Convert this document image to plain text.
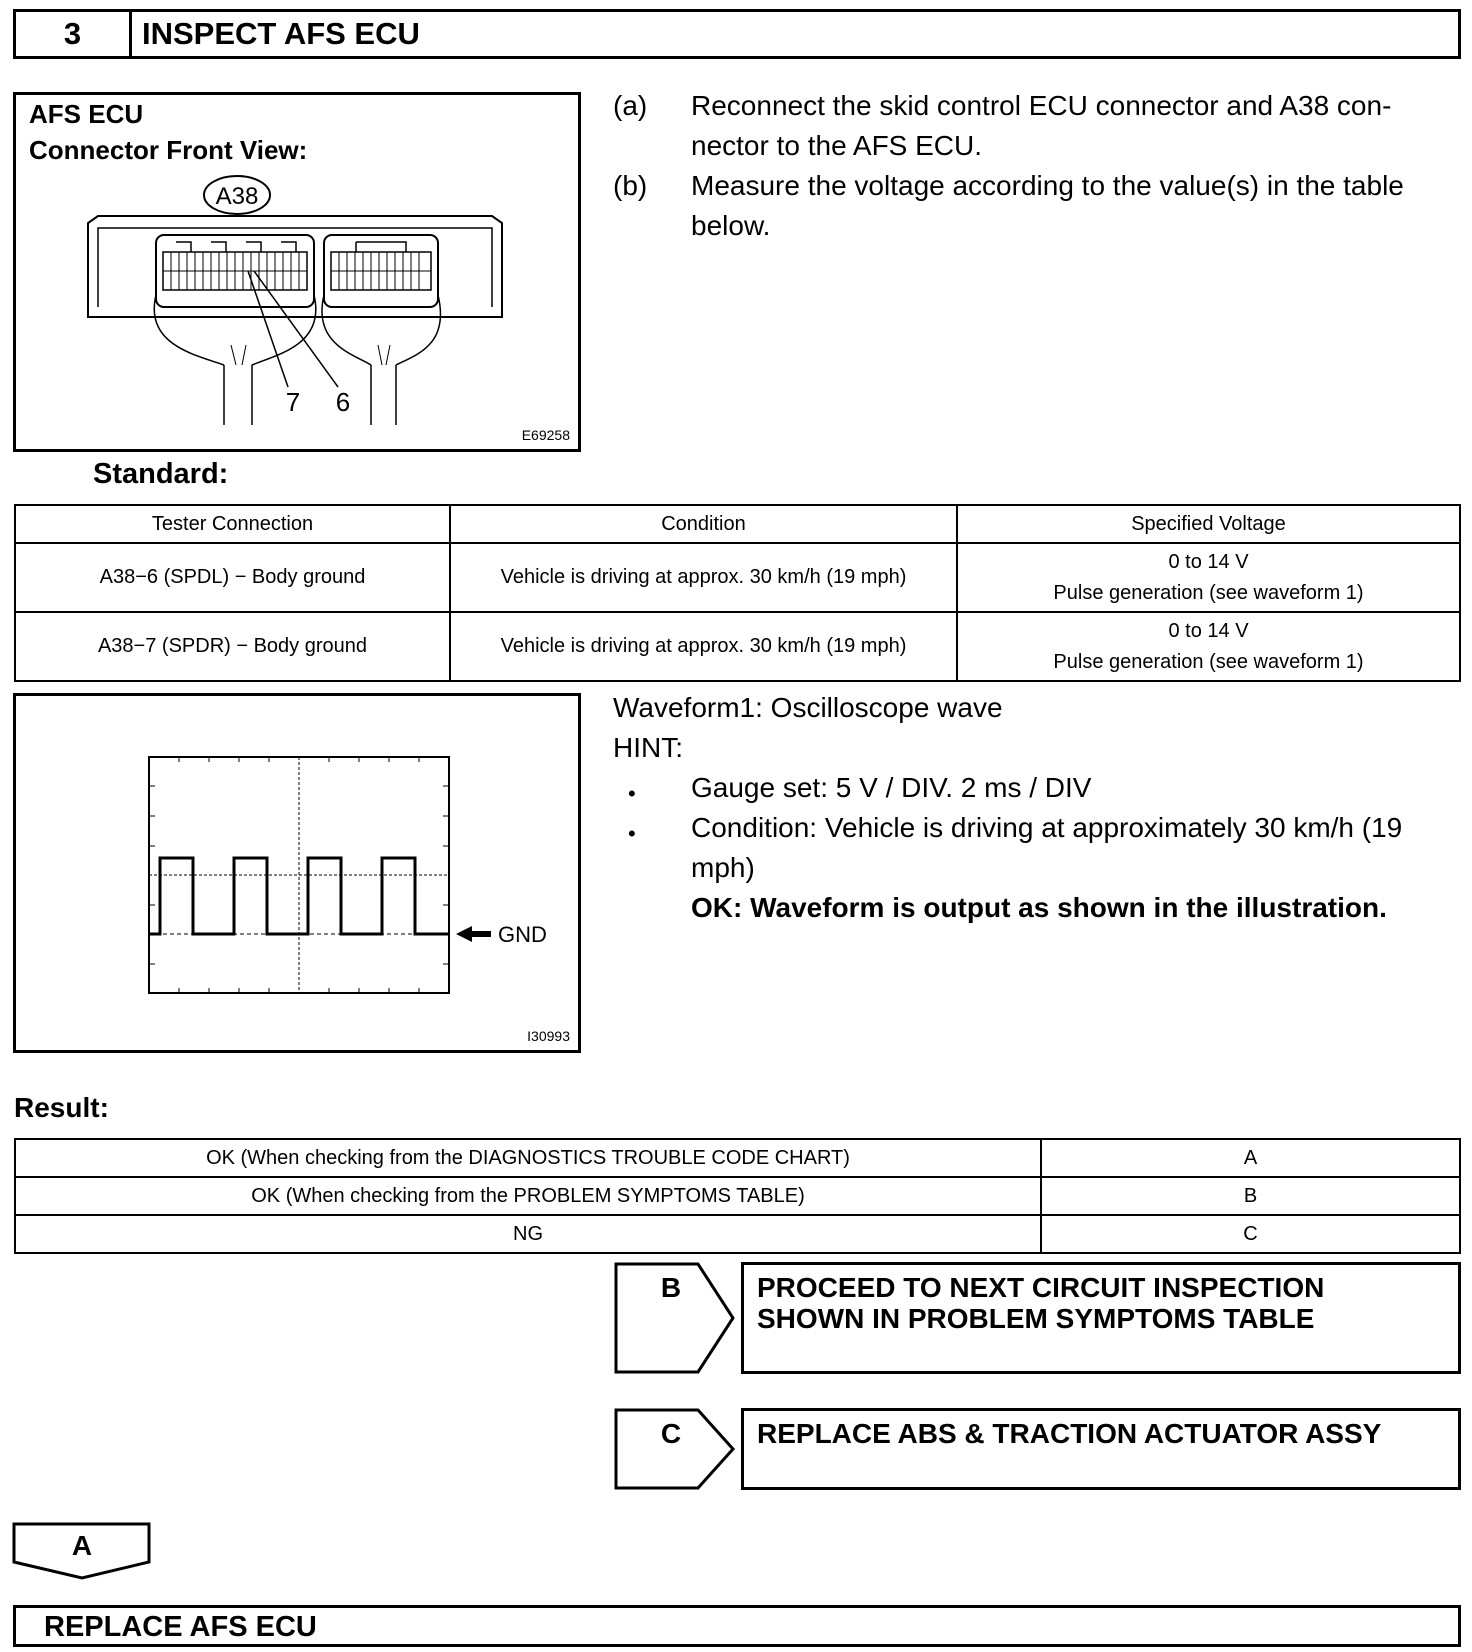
3	INSPECT AFS ECU
AFS ECU
Connector Front View:
A38
7 6
E69258
(a) Reconnect the skid control ECU connector and A38 con-
nector to the AFS ECU.
(b) Measure the voltage according to the value(s) in the table
below.
Standard:
Tester Connection	Condition	Specified Voltage
A38−6 (SPDL) − Body ground	Vehicle is driving at approx. 30 km/h (19 mph)	0 to 14 V
Pulse generation (see waveform 1)

A38−7 (SPDR) − Body ground	Vehicle is driving at approx. 30 km/h (19 mph)	0 to 14 V
Pulse generation (see waveform 1)
GND
I30993
Waveform1: Oscilloscope wave
HINT:
• Gauge set: 5 V / DIV. 2 ms / DIV
• Condition: Vehicle is driving at approximately 30 km/h (19
mph)
OK: Waveform is output as shown in the illustration.
Result:
OK (When checking from the DIAGNOSTICS TROUBLE CODE CHART)	A
OK (When checking from the PROBLEM SYMPTOMS TABLE)	B
NG	C
B	PROCEED TO NEXT CIRCUIT INSPECTION
SHOWN IN PROBLEM SYMPTOMS TABLE
C	REPLACE ABS & TRACTION ACTUATOR ASSY
A
REPLACE AFS ECU
